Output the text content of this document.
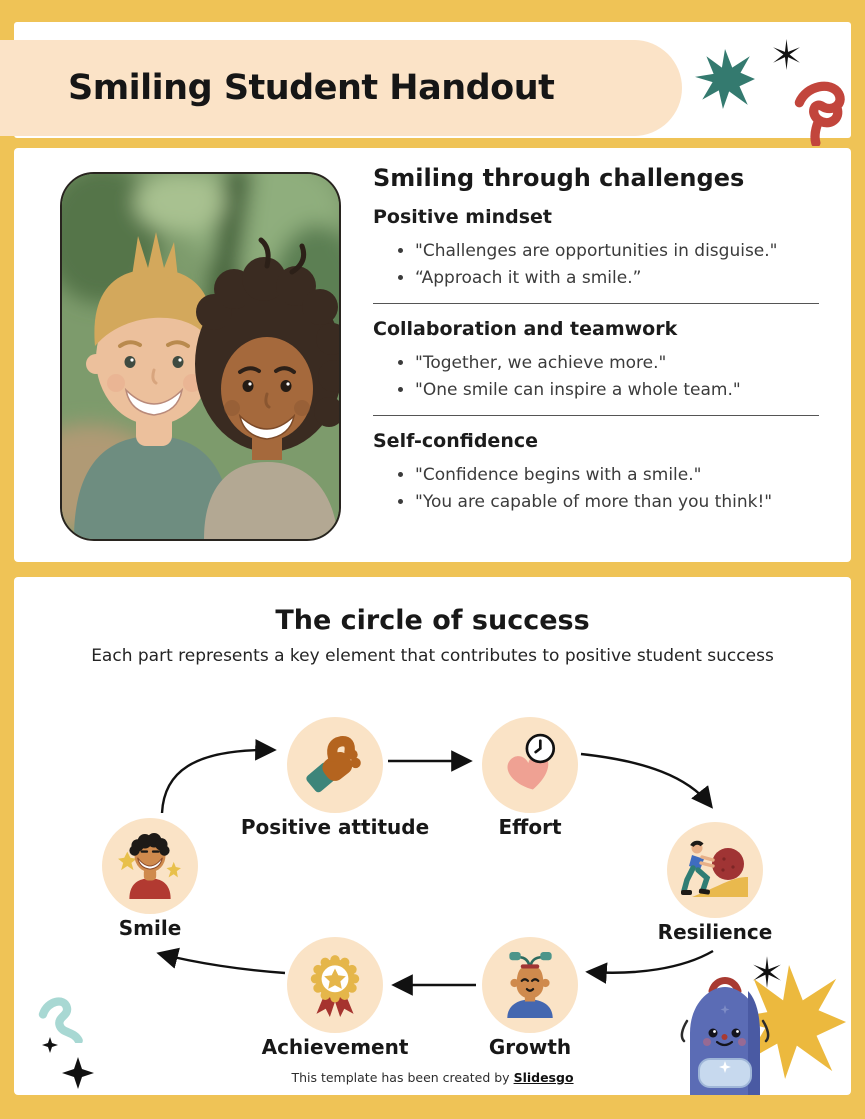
Smiling Student Handout
Smiling through challenges
Positive mindset
• "Challenges are opportunities in disguise."
• “Approach it with a smile.”
Collaboration and teamwork
• "Together, we achieve more."
• "One smile can inspire a whole team."
Self-confidence
• "Confidence begins with a smile."
• "You are capable of more than you think!"
The circle of success

Each part represents a key element that contributes to positive student success

Smile
Positive attitude	Effort
Resilience
Growth
Achievement
This template has been created by Slidesgo
